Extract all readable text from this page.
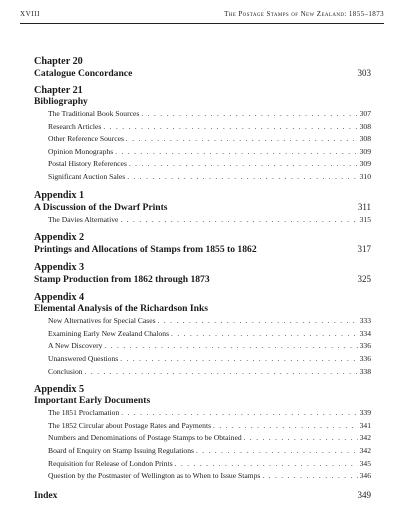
XVIII	The Postage Stamps of New Zealand: 1855–1873
Chapter 20
Catalogue Concordance	303
Chapter 21
Bibliography
The Traditional Book Sources . . .	307
Research Articles . . .	308
Other Reference Sources . . .	308
Opinion Monographs . . .	309
Postal History References . . .	309
Significant Auction Sales . . .	310
Appendix 1
A Discussion of the Dwarf Prints	311
The Davies Alternative . . .	315
Appendix 2
Printings and Allocations of Stamps from 1855 to 1862	317
Appendix 3
Stamp Production from 1862 through 1873	325
Appendix 4
Elemental Analysis of the Richardson Inks
New Alternatives for Special Cases . . .	333
Examining Early New Zealand Chalons . . .	334
A New Discovery . . .	336
Unanswered Questions . . .	336
Conclusion . . .	338
Appendix 5
Important Early Documents
The 1851 Proclamation . . .	339
The 1852 Circular about Postage Rates and Payments . . .	341
Numbers and Denominations of Postage Stamps to be Obtained . . .	342
Board of Enquiry on Stamp Issuing Regulations . . .	342
Requisition for Release of London Prints . . .	345
Question by the Postmaster of Wellington as to When to Issue Stamps . . .	346
Index	349
